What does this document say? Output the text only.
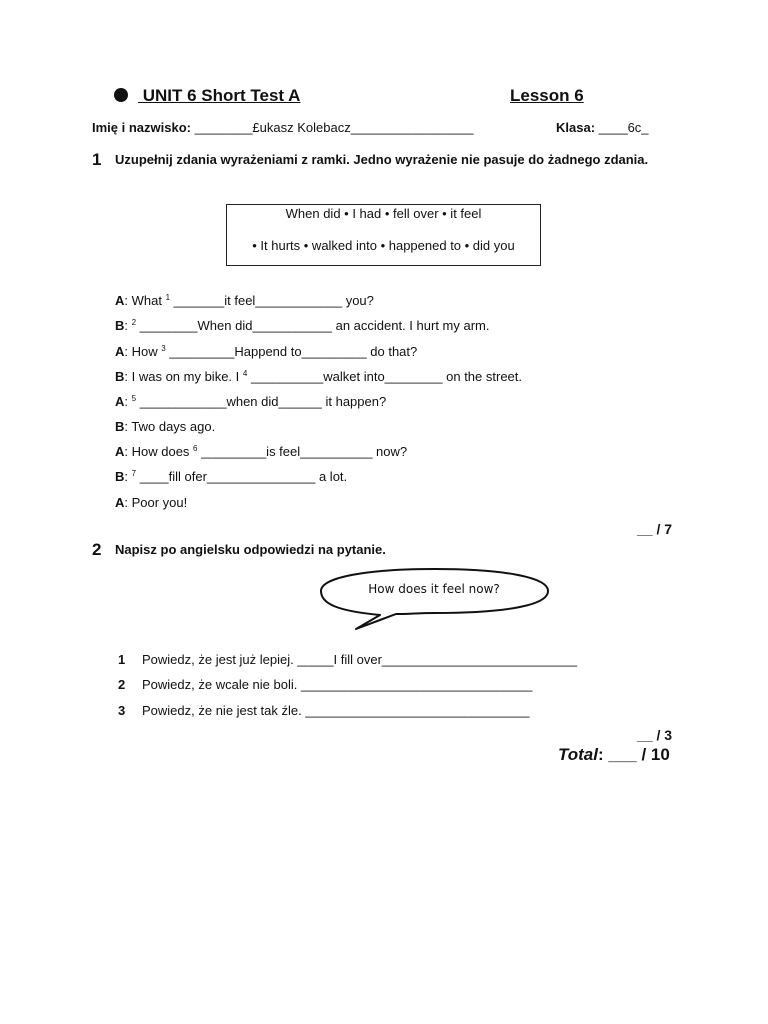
UNIT 6 Short Test A	Lesson 6
Imię i nazwisko: ________£ukasz Kolebacz_________________	Klasa: ____6c_
1 Uzupełnij zdania wyrażeniami z ramki. Jedno wyrażenie nie pasuje do żadnego zdania.
When did • I had • fell over • it feel
• It hurts • walked into • happened to • did you
A: What $^1$ _______it feel____________ you?
B: $^2$ ________When did___________ an accident. I hurt my arm.
A: How $^3$ _________Happend to_________ do that?
B: I was on my bike. I $^4$ __________walket into________ on the street.
A: $^5$ ____________when did______ it happen?
B: Two days ago.
A: How does $^6$ _________is feel__________ now?
B: $^7$ ____fill ofer_______________ a lot.
A: Poor you!
__ / 7
2 Napisz po angielsku odpowiedzi na pytanie.
How does it feel now?
1 Powiedz, że jest już lepiej. _____I fill over___________________________
2 Powiedz, że wcale nie boli. ________________________________
3 Powiedz, że nie jest tak źle. _______________________________
__ / 3
Total: ___ / 10
